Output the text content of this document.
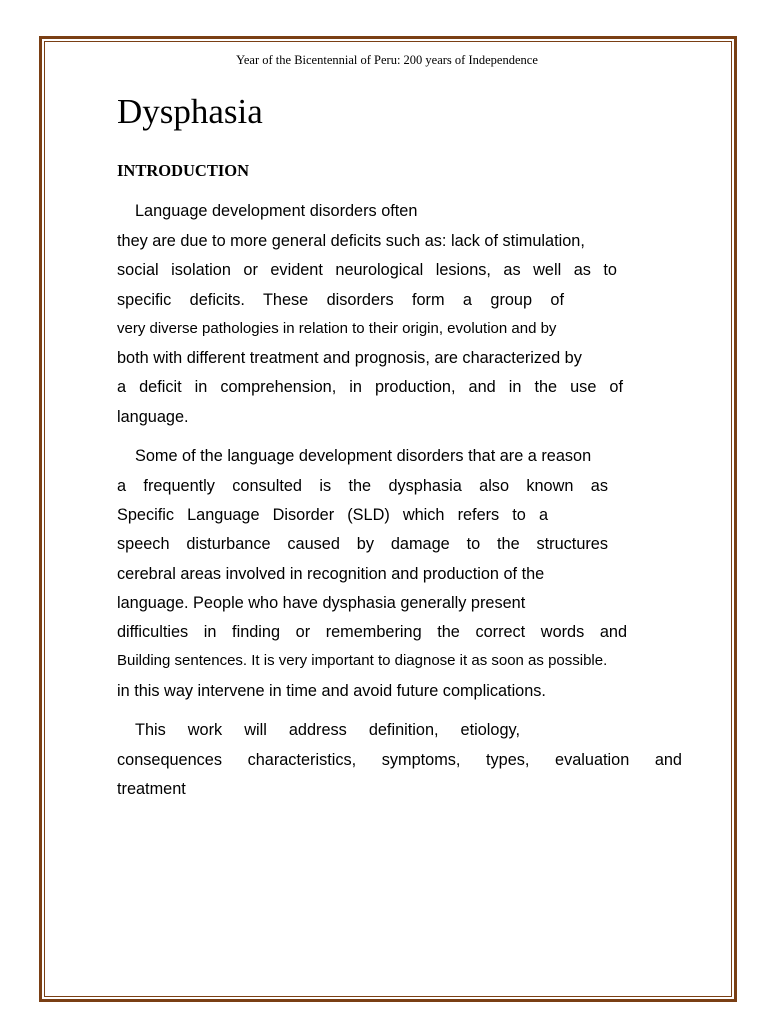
Year of the Bicentennial of Peru: 200 years of Independence
Dysphasia
INTRODUCTION

Language development disorders often

they are due to more general deficits such as: lack of stimulation,

social isolation or evident neurological lesions, as well as to

specific deficits. These disorders form a group of

very diverse pathologies in relation to their origin, evolution and by

both with different treatment and prognosis, are characterized by

a deficit in comprehension, in production, and in the use of

language.

Some of the language development disorders that are a reason

a frequently consulted is the dysphasia also known as

Specific Language Disorder (SLD) which refers to a

speech disturbance caused by damage to the structures

cerebral areas involved in recognition and production of the

language. People who have dysphasia generally present

difficulties in finding or remembering the correct words and

Building sentences. It is very important to diagnose it as soon as possible.

in this way intervene in time and avoid future complications.

This work will address definition, etiology,

consequences characteristics, symptoms, types, evaluation and

treatment
